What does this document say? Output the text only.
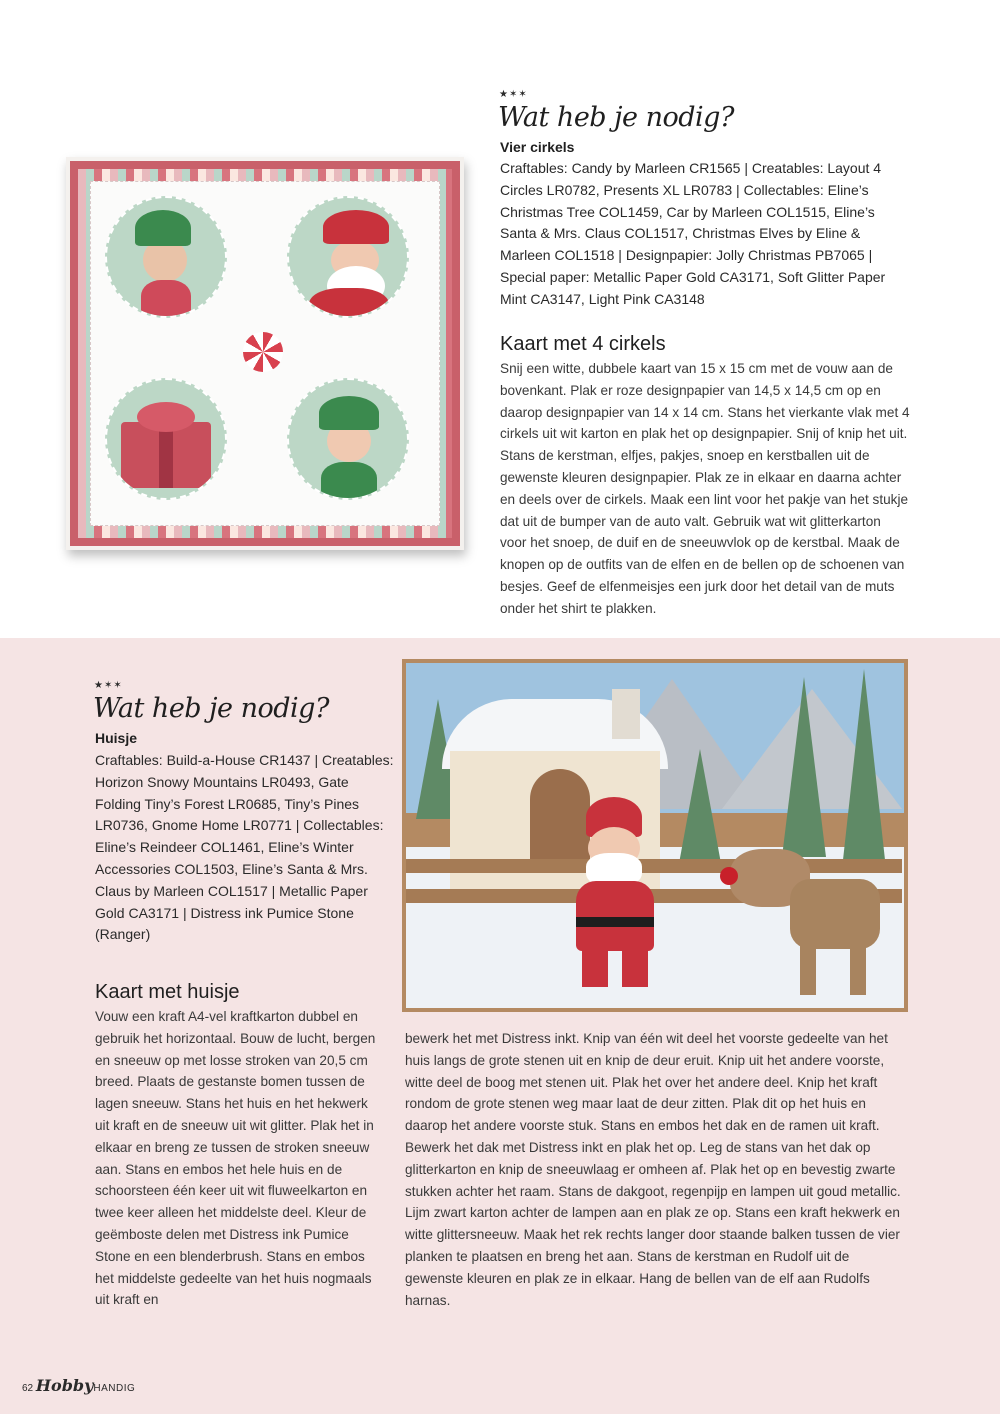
★✶✶
Wat heb je nodig?
Vier cirkels
Craftables: Candy by Marleen CR1565 | Creatables: Layout 4 Circles LR0782, Presents XL LR0783 | Collectables: Eline’s Christmas Tree COL1459, Car by Marleen COL1515, Eline’s Santa & Mrs. Claus COL1517, Christmas Elves by Eline & Marleen COL1518 | Designpapier: Jolly Christmas PB7065 | Special paper: Metallic Paper Gold CA3171, Soft Glitter Paper Mint CA3147, Light Pink CA3148
Kaart met 4 cirkels
Snij een witte, dubbele kaart van 15 x 15 cm met de vouw aan de bovenkant. Plak er roze designpapier van 14,5 x 14,5 cm op en daarop designpapier van 14 x 14 cm. Stans het vierkante vlak met 4 cirkels uit wit karton en plak het op designpapier. Snij of knip het uit. Stans de kerstman, elfjes, pakjes, snoep en kerstballen uit de gewenste kleuren designpapier. Plak ze in elkaar en daarna achter en deels over de cirkels. Maak een lint voor het pakje van het stukje dat uit de bumper van de auto valt. Gebruik wat wit glitterkarton voor het snoep, de duif en de sneeuwvlok op de kerstbal. Maak de knopen op de outfits van de elfen en de bellen op de schoenen van besjes. Geef de elfenmeisjes een jurk door het detail van de muts onder het shirt te plakken.
★✶✶
Wat heb je nodig?
Huisje
Craftables: Build-a-House CR1437 | Creatables: Horizon Snowy Mountains LR0493, Gate Folding Tiny’s Forest LR0685, Tiny’s Pines LR0736, Gnome Home LR0771 | Collectables: Eline’s Reindeer COL1461, Eline’s Winter Accessories COL1503, Eline’s Santa & Mrs. Claus by Marleen COL1517 | Metallic Paper Gold CA3171 | Distress ink Pumice Stone (Ranger)
Kaart met huisje
Vouw een kraft A4-vel kraftkarton dubbel en gebruik het horizontaal. Bouw de lucht, bergen en sneeuw op met losse stroken van 20,5 cm breed. Plaats de gestanste bomen tussen de lagen sneeuw. Stans het huis en het hekwerk uit kraft en de sneeuw uit wit glitter. Plak het in elkaar en breng ze tussen de stroken sneeuw aan. Stans en embos het hele huis en de schoorsteen één keer uit wit fluweelkarton en twee keer alleen het middelste deel. Kleur de geëmboste delen met Distress ink Pumice Stone en een blenderbrush. Stans en embos het middelste gedeelte van het huis nogmaals uit kraft en
bewerk het met Distress inkt. Knip van één wit deel het voorste gedeelte van het huis langs de grote stenen uit en knip de deur eruit. Knip uit het andere voorste, witte deel de boog met stenen uit. Plak het over het andere deel. Knip het kraft rondom de grote stenen weg maar laat de deur zitten. Plak dit op het huis en daarop het andere voorste stuk. Stans en embos het dak en de ramen uit kraft. Bewerk het dak met Distress inkt en plak het op. Leg de stans van het dak op glitterkarton en knip de sneeuwlaag er omheen af. Plak het op en bevestig zwarte stukken achter het raam. Stans de dakgoot, regenpijp en lampen uit goud metallic. Lijm zwart karton achter de lampen aan en plak ze op. Stans een kraft hekwerk en witte glittersneeuw. Maak het rek rechts langer door staande balken tussen de vier planken te plaatsen en breng het aan. Stans de kerstman en Rudolf uit de gewenste kleuren en plak ze in elkaar. Hang de bellen van de elf aan Rudolfs harnas.
62 HobbyHANDIG
